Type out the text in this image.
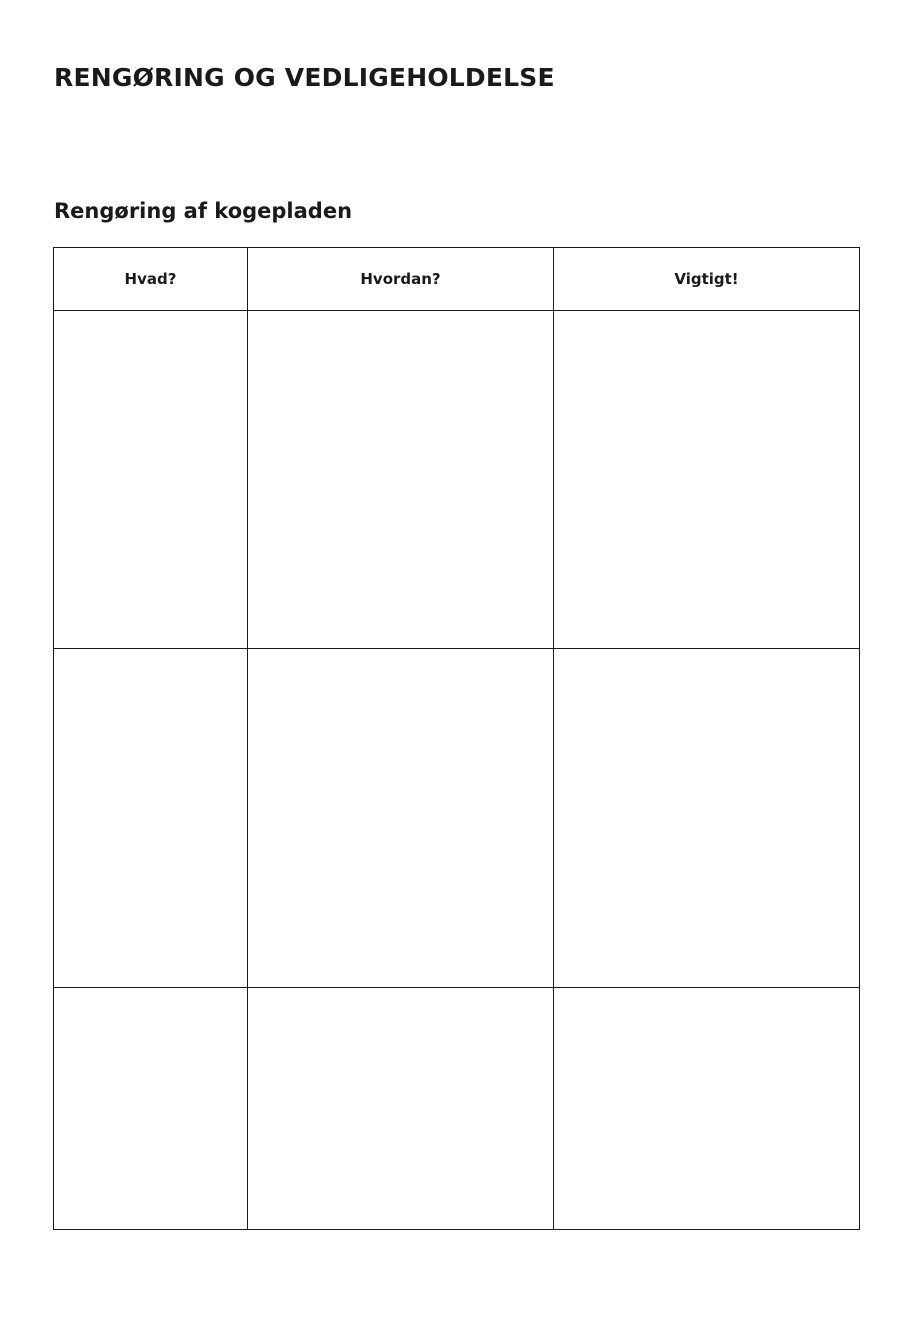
RENGØRING OG VEDLIGEHOLDELSE
Rengøring af kogepladen
Hvad?	Hvordan?	Vigtigt!
